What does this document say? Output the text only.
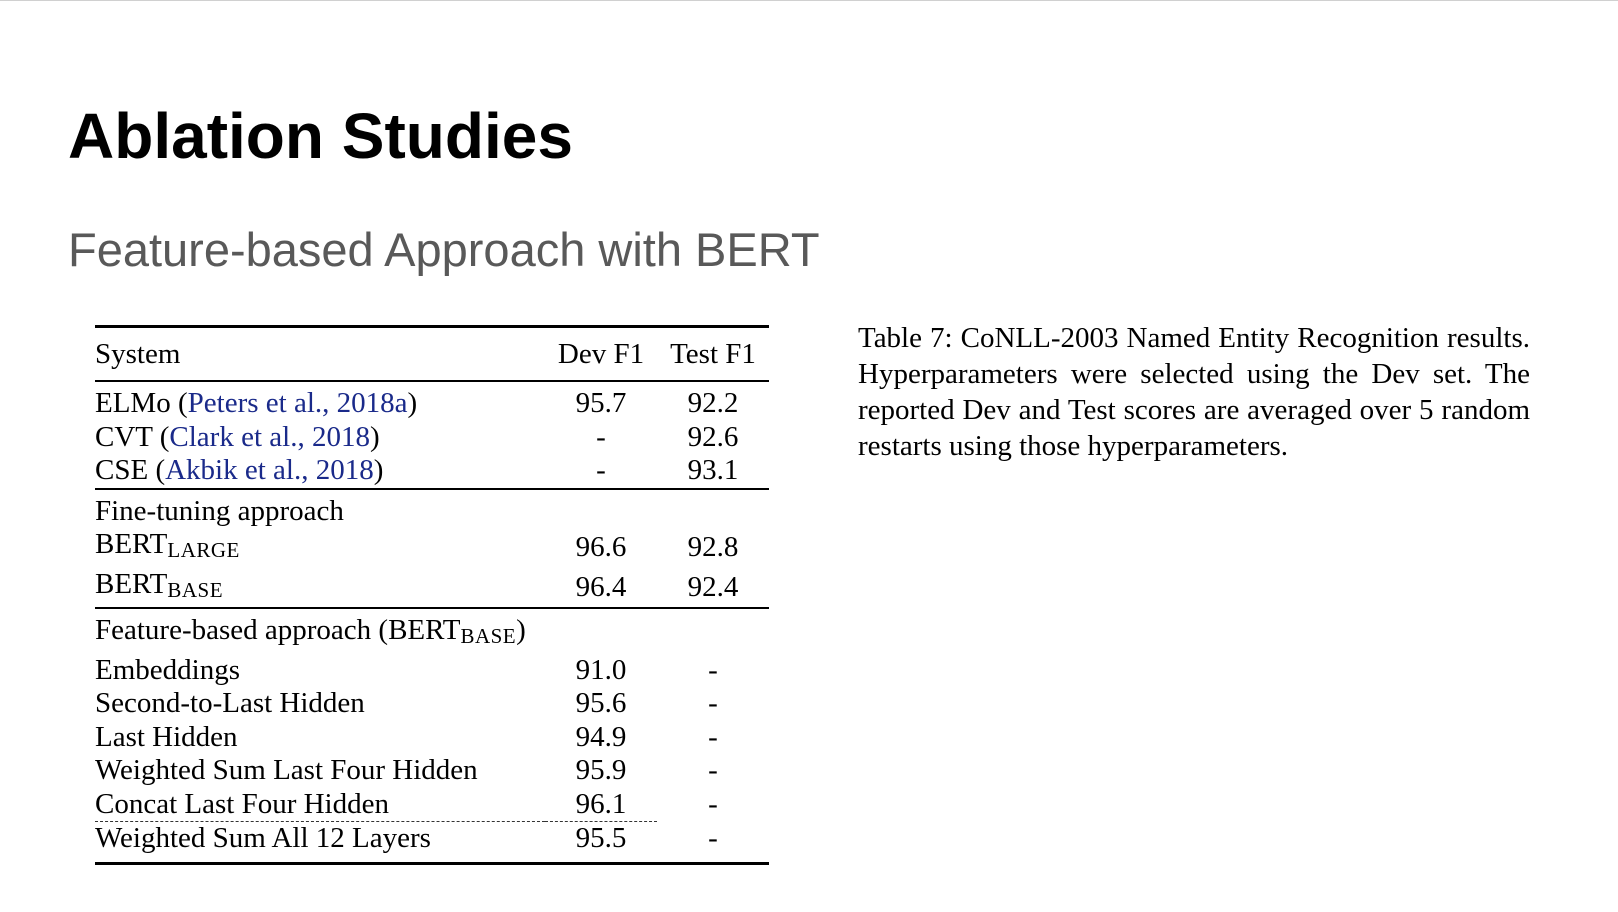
Ablation Studies
Feature-based Approach with BERT
System	Dev F1	Test F1
ELMo (Peters et al., 2018a)	95.7	92.2
CVT (Clark et al., 2018)	-	92.6
CSE (Akbik et al., 2018)	-	93.1
Fine-tuning approach		
BERTLARGE	96.6	92.8
BERTBASE	96.4	92.4
Feature-based approach (BERTBASE)		
Embeddings	91.0	-
Second-to-Last Hidden	95.6	-
Last Hidden	94.9	-
Weighted Sum Last Four Hidden	95.9	-
Concat Last Four Hidden	96.1	-
Weighted Sum All 12 Layers	95.5	-

Table 7: CoNLL-2003 Named Entity Recognition results. Hyperparameters were selected using the Dev set. The reported Dev and Test scores are averaged over 5 random restarts using those hyperparameters.
